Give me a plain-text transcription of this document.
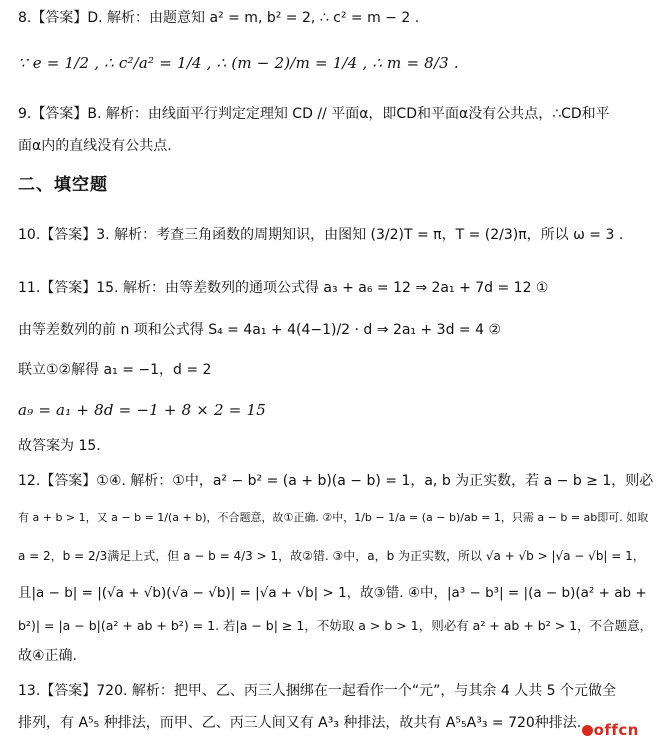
8.【答案】D. 解析：由题意知 a² = m, b² = 2, ∴ c² = m − 2 .
∵ e = 1/2 , ∴ c²/a² = 1/4 , ∴ (m − 2)/m = 1/4 , ∴ m = 8/3 .
9.【答案】B. 解析：由线面平行判定定理知 CD // 平面α，即CD和平面α没有公共点，∴CD和平
面α内的直线没有公共点.
二、填空题
10.【答案】3. 解析：考查三角函数的周期知识，由图知 (3/2)T = π，T = (2/3)π，所以 ω = 3 .
11.【答案】15. 解析：由等差数列的通项公式得 a₃ + a₆ = 12 ⇒ 2a₁ + 7d = 12 ①
由等差数列的前 n 项和公式得 S₄ = 4a₁ + 4(4−1)/2 · d ⇒ 2a₁ + 3d = 4 ②
联立①②解得 a₁ = −1，d = 2
a₉ = a₁ + 8d = −1 + 8 × 2 = 15
故答案为 15.
12.【答案】①④. 解析：①中，a² − b² = (a + b)(a − b) = 1，a, b 为正实数，若 a − b ≥ 1，则必
有 a + b > 1，又 a − b = 1/(a + b)，不合题意，故①正确. ②中，1/b − 1/a = (a − b)/ab = 1，只需 a − b = ab即可. 如取
a = 2，b = 2/3满足上式，但 a − b = 4/3 > 1，故②错. ③中，a，b 为正实数，所以 √a + √b > |√a − √b| = 1，
且|a − b| = |(√a + √b)(√a − √b)| = |√a + √b| > 1，故③错. ④中，|a³ − b³| = |(a − b)(a² + ab +
b²)| = |a − b|(a² + ab + b²) = 1. 若|a − b| ≥ 1，不妨取 a > b > 1，则必有 a² + ab + b² > 1，不合题意，
故④正确.
13.【答案】720. 解析：把甲、乙、丙三人捆绑在一起看作一个“元”，与其余 4 人共 5 个元做全
排列，有 A⁵₅ 种排法，而甲、乙、丙三人间又有 A³₃ 种排法，故共有 A⁵₅A³₃ = 720种排法. offcn
